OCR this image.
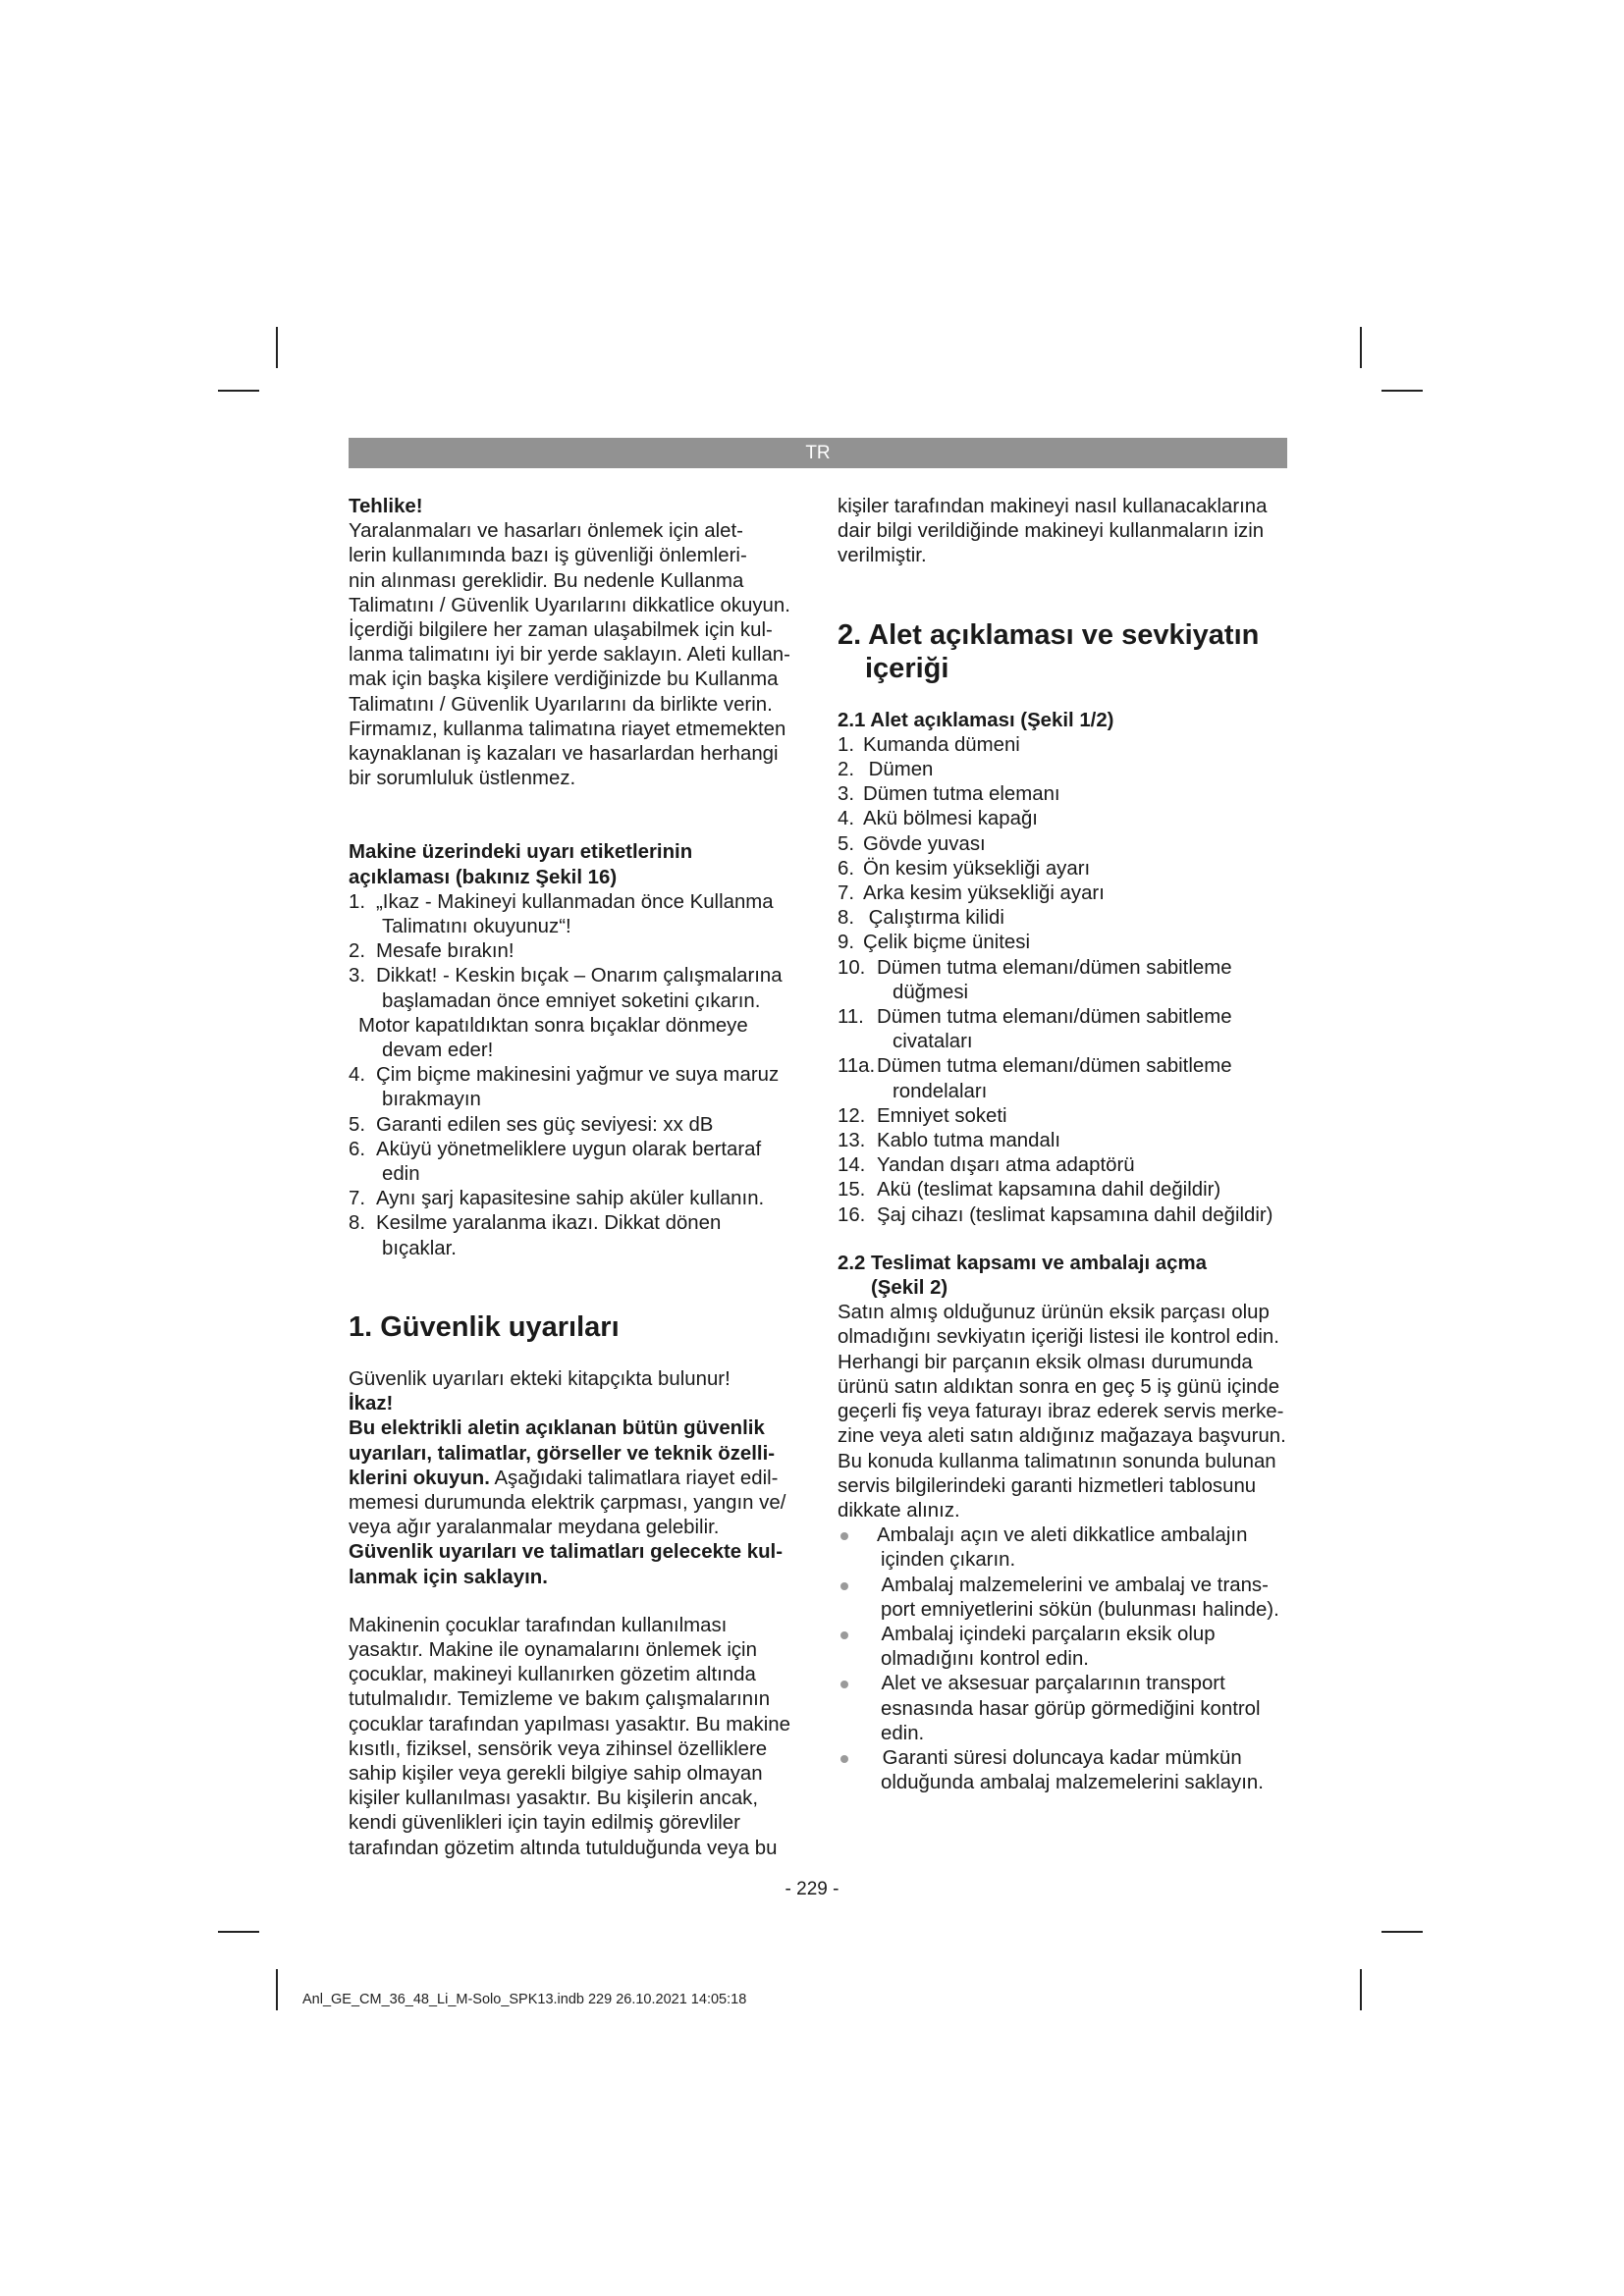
TR

Tehlike!

Yaralanmaları ve hasarları önlemek için alet-
lerin kullanımında bazı iş güvenliği önlemleri-
nin alınması gereklidir. Bu nedenle Kullanma
Talimatını / Güvenlik Uyarılarını dikkatlice okuyun.
İçerdiği bilgilere her zaman ulaşabilmek için kul-
lanma talimatını iyi bir yerde saklayın. Aleti kullan-
mak için başka kişilere verdiğinizde bu Kullanma
Talimatını / Güvenlik Uyarılarını da birlikte verin.
Firmamız, kullanma talimatına riayet etmemekten
kaynaklanan iş kazaları ve hasarlardan herhangi
bir sorumluluk üstlenmez.
Makine üzerindeki uyarı etiketlerinin
açıklaması (bakınız Şekil 16)
1. „Ikaz - Makineyi kullanmadan önce Kullanma
Talimatını okuyunuz“!
2. Mesafe bırakın!
3. Dikkat! - Keskin bıçak – Onarım çalışmalarına
başlamadan önce emniyet soketini çıkarın.
Motor kapatıldıktan sonra bıçaklar dönmeye
devam eder!
4. Çim biçme makinesini yağmur ve suya maruz
bırakmayın
5. Garanti edilen ses güç seviyesi: xx dB
6. Aküyü yönetmeliklere uygun olarak bertaraf
edin
7. Aynı şarj kapasitesine sahip aküler kullanın.
8. Kesilme yaralanma ikazı. Dikkat dönen
bıçaklar.

1. Güvenlik uyarıları

Güvenlik uyarıları ekteki kitapçıkta bulunur!

İkaz!

Bu elektrikli aletin açıklanan bütün güvenlik
uyarıları, talimatlar, görseller ve teknik özelli-
klerini okuyun. Aşağıdaki talimatlara riayet edil-
memesi durumunda elektrik çarpması, yangın ve/
veya ağır yaralanmalar meydana gelebilir.
Güvenlik uyarıları ve talimatları gelecekte kul-
lanmak için saklayın.
Makinenin çocuklar tarafından kullanılması
yasaktır. Makine ile oynamalarını önlemek için
çocuklar, makineyi kullanırken gözetim altında
tutulmalıdır. Temizleme ve bakım çalışmalarının
çocuklar tarafından yapılması yasaktır. Bu makine
kısıtlı, fiziksel, sensörik veya zihinsel özelliklere
sahip kişiler veya gerekli bilgiye sahip olmayan
kişiler kullanılması yasaktır. Bu kişilerin ancak,
kendi güvenlikleri için tayin edilmiş görevliler
tarafından gözetim altında tutulduğunda veya bu
kişiler tarafından makineyi nasıl kullanacaklarına
dair bilgi verildiğinde makineyi kullanmaların izin
verilmiştir.
2. Alet açıklaması ve sevkiyatın
içeriği

2.1 Alet açıklaması (Şekil 1/2)

1. Kumanda dümeni
2. Dümen
3. Dümen tutma elemanı
4. Akü bölmesi kapağı
5. Gövde yuvası
6. Ön kesim yüksekliği ayarı
7. Arka kesim yüksekliği ayarı
8. Çalıştırma kilidi
9. Çelik biçme ünitesi
10. Dümen tutma elemanı/dümen sabitleme
düğmesi
11. Dümen tutma elemanı/dümen sabitleme
civataları
11a.Dümen tutma elemanı/dümen sabitleme
rondelaları
12. Emniyet soketi
13. Kablo tutma mandalı
14. Yandan dışarı atma adaptörü
15. Akü (teslimat kapsamına dahil değildir)
16. Şaj cihazı (teslimat kapsamına dahil değildir)
2.2 Teslimat kapsamı ve ambalajı açma
(Şekil 2)
Satın almış olduğunuz ürünün eksik parçası olup
olmadığını sevkiyatın içeriği listesi ile kontrol edin.
Herhangi bir parçanın eksik olması durumunda
ürünü satın aldıktan sonra en geç 5 iş günü içinde
geçerli fiş veya faturayı ibraz ederek servis merke-
zine veya aleti satın aldığınız mağazaya başvurun.
Bu konuda kullanma talimatının sonunda bulunan
servis bilgilerindeki garanti hizmetleri tablosunu
dikkate alınız.
Ambalajı açın ve aleti dikkatlice ambalajın
içinden çıkarın.
Ambalaj malzemelerini ve ambalaj ve trans-
port emniyetlerini sökün (bulunması halinde).
Ambalaj içindeki parçaların eksik olup
olmadığını kontrol edin.
Alet ve aksesuar parçalarının transport
esnasında hasar görüp görmediğini kontrol
edin.
Garanti süresi doluncaya kadar mümkün
olduğunda ambalaj malzemelerini saklayın.
- 229 -
Anl_GE_CM_36_48_Li_M-Solo_SPK13.indb 229 26.10.2021 14:05:18
